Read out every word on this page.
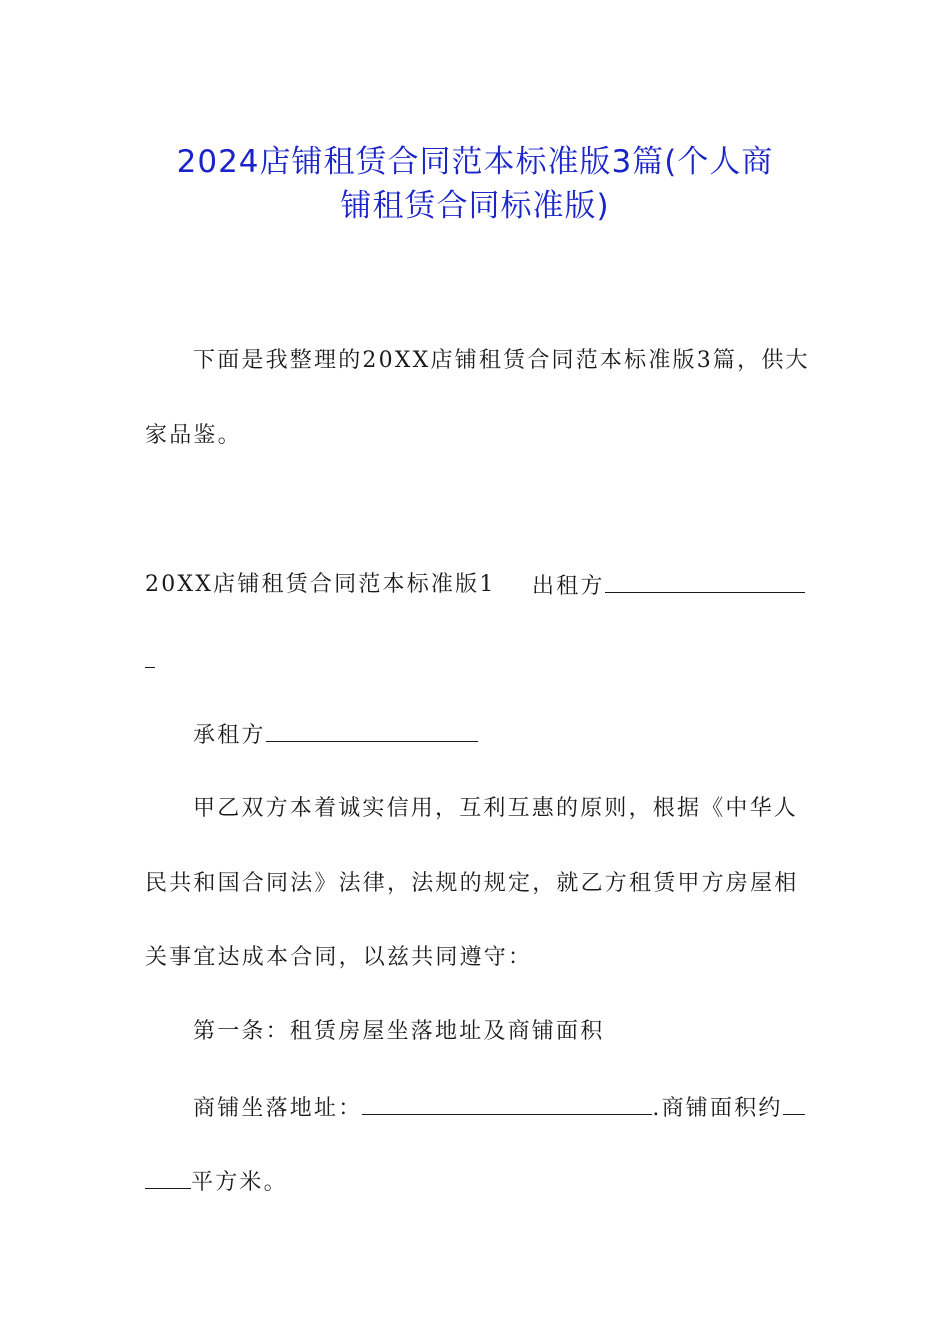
2024店铺租赁合同范本标准版3篇(个人商
铺租赁合同标准版)
下面是我整理的20XX店铺租赁合同范本标准版3篇，供大
家品鉴。
20XX店铺租赁合同范本标准版1 出租方
承租方
甲乙双方本着诚实信用，互利互惠的原则，根据《中华人
民共和国合同法》法律，法规的规定，就乙方租赁甲方房屋相
关事宜达成本合同，以兹共同遵守：
第一条：租赁房屋坐落地址及商铺面积
商铺坐落地址：	.商铺面积约
平方米。
